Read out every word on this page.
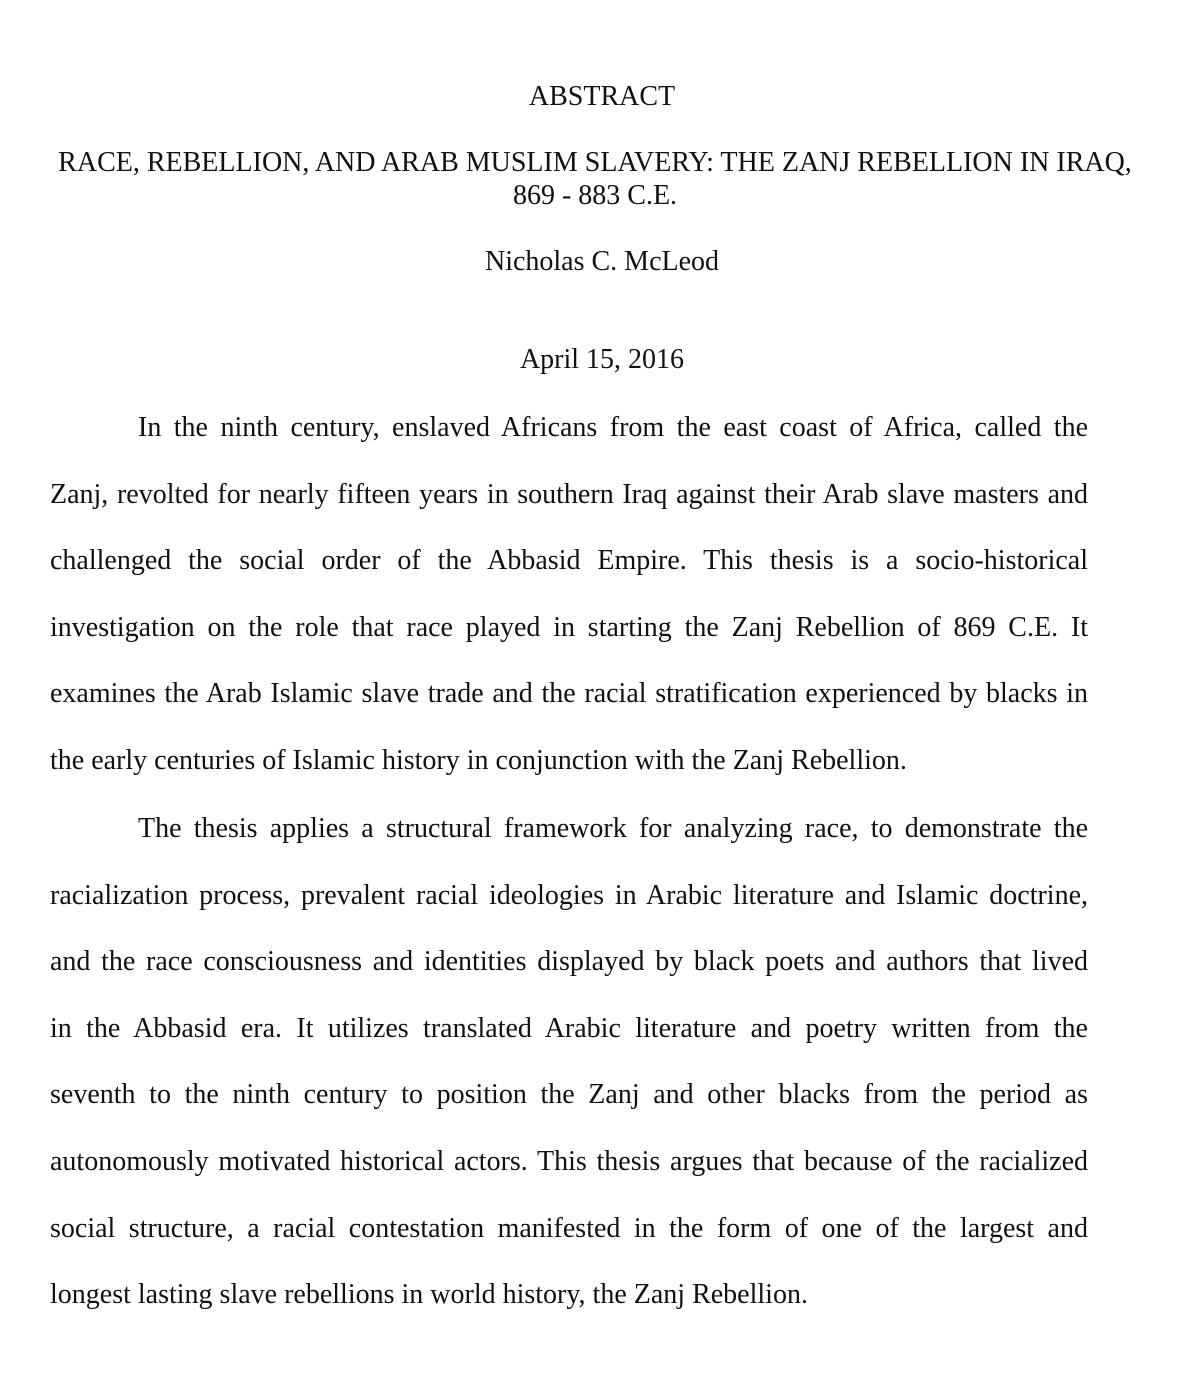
ABSTRACT
RACE, REBELLION, AND ARAB MUSLIM SLAVERY: THE ZANJ REBELLION IN IRAQ, 869 - 883 C.E.
Nicholas C. McLeod
April 15, 2016
In the ninth century, enslaved Africans from the east coast of Africa, called the
Zanj, revolted for nearly fifteen years in southern Iraq against their Arab slave masters and
challenged the social order of the Abbasid Empire. This thesis is a socio-historical
investigation on the role that race played in starting the Zanj Rebellion of 869 C.E. It
examines the Arab Islamic slave trade and the racial stratification experienced by blacks in
the early centuries of Islamic history in conjunction with the Zanj Rebellion.
The thesis applies a structural framework for analyzing race, to demonstrate the
racialization process, prevalent racial ideologies in Arabic literature and Islamic doctrine,
and the race consciousness and identities displayed by black poets and authors that lived
in the Abbasid era. It utilizes translated Arabic literature and poetry written from the
seventh to the ninth century to position the Zanj and other blacks from the period as
autonomously motivated historical actors. This thesis argues that because of the racialized
social structure, a racial contestation manifested in the form of one of the largest and
longest lasting slave rebellions in world history, the Zanj Rebellion.
